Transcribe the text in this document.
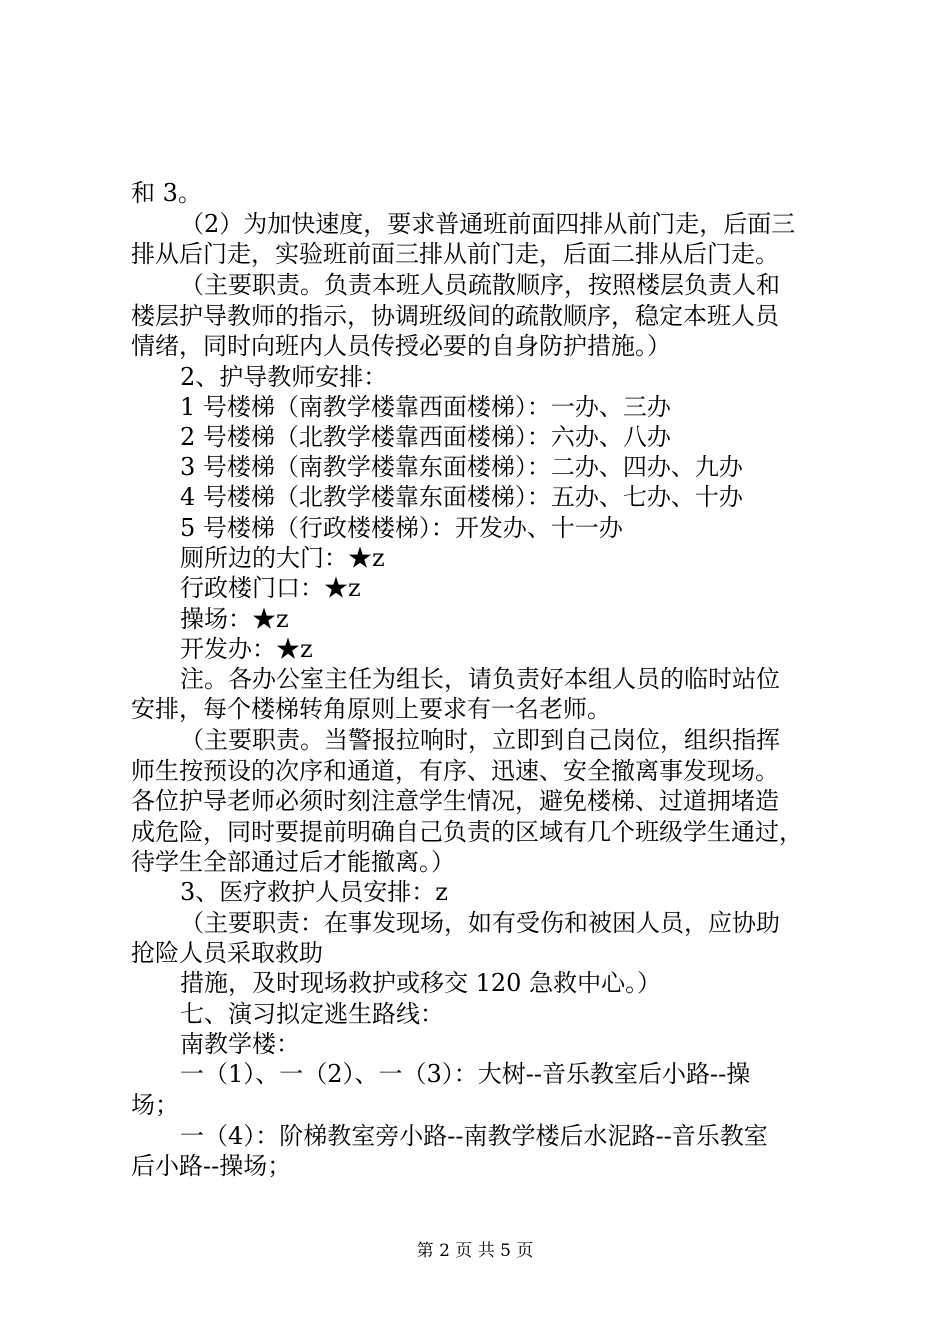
和 3。
（2）为加快速度，要求普通班前面四排从前门走，后面三
排从后门走，实验班前面三排从前门走，后面二排从后门走。
（主要职责。负责本班人员疏散顺序，按照楼层负责人和
楼层护导教师的指示，协调班级间的疏散顺序，稳定本班人员
情绪，同时向班内人员传授必要的自身防护措施。）
2、护导教师安排：
1 号楼梯（南教学楼靠西面楼梯）：一办、三办
2 号楼梯（北教学楼靠西面楼梯）：六办、八办
3 号楼梯（南教学楼靠东面楼梯）：二办、四办、九办
4 号楼梯（北教学楼靠东面楼梯）：五办、七办、十办
5 号楼梯（行政楼楼梯）：开发办、十一办
厕所边的大门：★z
行政楼门口：★z
操场：★z
开发办：★z
注。各办公室主任为组长，请负责好本组人员的临时站位
安排，每个楼梯转角原则上要求有一名老师。
（主要职责。当警报拉响时，立即到自己岗位，组织指挥
师生按预设的次序和通道，有序、迅速、安全撤离事发现场。
各位护导老师必须时刻注意学生情况，避免楼梯、过道拥堵造
成危险，同时要提前明确自己负责的区域有几个班级学生通过，
待学生全部通过后才能撤离。）
3、医疗救护人员安排：z
（主要职责：在事发现场，如有受伤和被困人员，应协助
抢险人员采取救助
措施，及时现场救护或移交 120 急救中心。）
七、演习拟定逃生路线：
南教学楼：
一（1）、一（2）、一（3）：大树--音乐教室后小路--操
场；
一（4）：阶梯教室旁小路--南教学楼后水泥路--音乐教室
后小路--操场；
第 2 页 共 5 页
